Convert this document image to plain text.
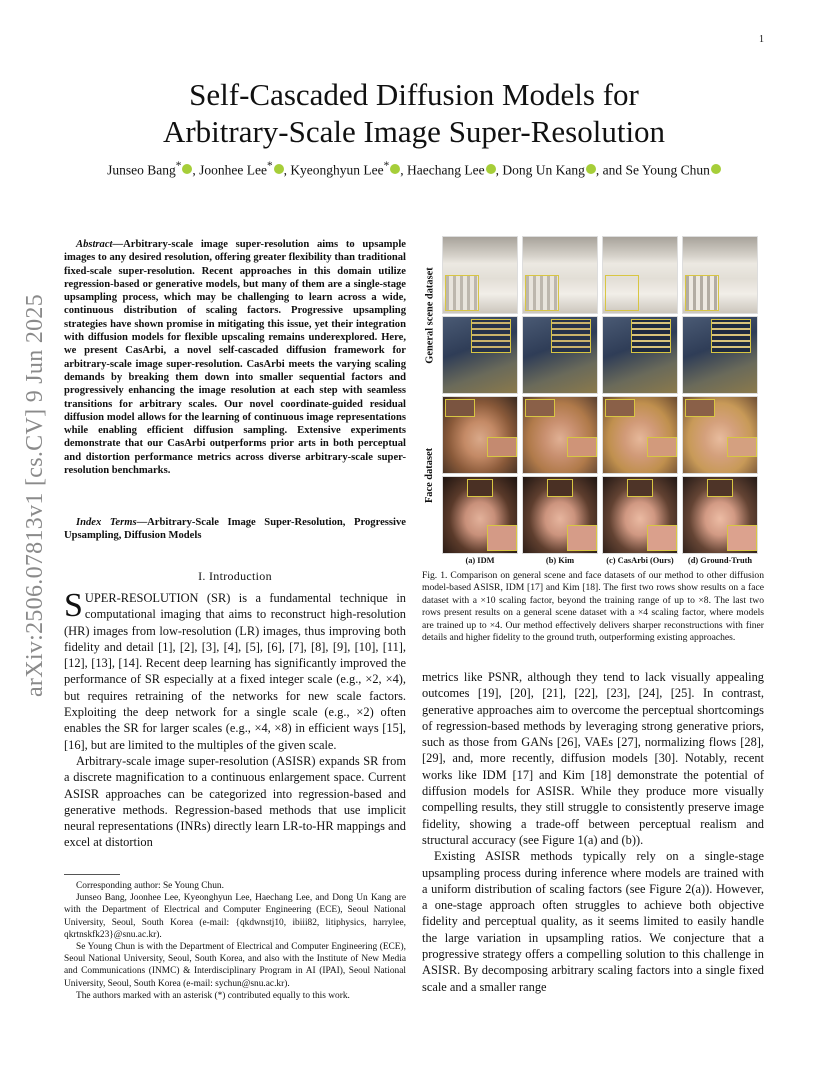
1
arXiv:2506.07813v1 [cs.CV] 9 Jun 2025
Self-Cascaded Diffusion Models for
Arbitrary-Scale Image Super-Resolution
Junseo Bang* , Joonhee Lee* , Kyeonghyun Lee* , Haechang Lee , Dong Un Kang , and Se Young Chun
Abstract—Arbitrary-scale image super-resolution aims to upsample images to any desired resolution, offering greater flexibility than traditional fixed-scale super-resolution. Recent approaches in this domain utilize regression-based or generative models, but many of them are a single-stage upsampling process, which may be challenging to learn across a wide, continuous distribution of scaling factors. Progressive upsampling strategies have shown promise in mitigating this issue, yet their integration with diffusion models for flexible upscaling remains underexplored. Here, we present CasArbi, a novel self-cascaded diffusion framework for arbitrary-scale image super-resolution. CasArbi meets the varying scaling demands by breaking them down into smaller sequential factors and progressively enhancing the image resolution at each step with seamless transitions for arbitrary scales. Our novel coordinate-guided residual diffusion model allows for the learning of continuous image representations while enabling efficient diffusion sampling. Extensive experiments demonstrate that our CasArbi outperforms prior arts in both perceptual and distortion performance metrics across diverse arbitrary-scale super-resolution benchmarks.
Index Terms—Arbitrary-Scale Image Super-Resolution, Progressive Upsampling, Diffusion Models
I. Introduction

SUPER-RESOLUTION (SR) is a fundamental technique in computational imaging that aims to reconstruct high-resolution (HR) images from low-resolution (LR) images, thus improving both fidelity and detail [1], [2], [3], [4], [5], [6], [7], [8], [9], [10], [11], [12], [13], [14]. Recent deep learning has significantly improved the performance of SR especially at a fixed integer scale (e.g., ×2, ×4), but requires retraining of the networks for new scale factors. Exploiting the deep network for a single scale (e.g., ×2) often enables the SR for larger scales (e.g., ×4, ×8) in efficient ways [15], [16], but are limited to the multiples of the given scale.

Arbitrary-scale image super-resolution (ASISR) expands SR from a discrete magnification to a continuous enlargement space. Current ASISR approaches can be categorized into regression-based and generative methods. Regression-based methods that use implicit neural representations (INRs) directly learn LR-to-HR mappings and excel at distortion

Corresponding author: Se Young Chun.

Junseo Bang, Joonhee Lee, Kyeonghyun Lee, Haechang Lee, and Dong Un Kang are with the Department of Electrical and Computer Engineering (ECE), Seoul National University, Seoul, South Korea (e-mail: {qkdwnstj10, ibiii82, litiphysics, harrylee, qkrtnskfk23}@snu.ac.kr).

Se Young Chun is with the Department of Electrical and Computer Engineering (ECE), Seoul National University, Seoul, South Korea, and also with the Institute of New Media and Communications (INMC) & Interdisciplinary Program in AI (IPAI), Seoul National University, Seoul, South Korea (e-mail: sychun@snu.ac.kr).

The authors marked with an asterisk (*) contributed equally to this work.

General scene dataset
Face dataset
(a) IDM	(b) Kim	(c) CasArbi (Ours)	(d) Ground-Truth
Fig. 1. Comparison on general scene and face datasets of our method to other diffusion model-based ASISR, IDM [17] and Kim [18]. The first two rows show results on a face dataset with a ×10 scaling factor, beyond the training range of up to ×8. The last two rows present results on a general scene dataset with a ×4 scaling factor, where models are trained up to ×4. Our method effectively delivers sharper reconstructions with finer details and higher fidelity to the ground truth, outperforming existing approaches.

metrics like PSNR, although they tend to lack visually appealing outcomes [19], [20], [21], [22], [23], [24], [25]. In contrast, generative approaches aim to overcome the perceptual shortcomings of regression-based methods by leveraging strong generative priors, such as those from GANs [26], VAEs [27], normalizing flows [28], [29], and, more recently, diffusion models [30]. Notably, recent works like IDM [17] and Kim [18] demonstrate the potential of diffusion models for ASISR. While they produce more visually compelling results, they still struggle to consistently preserve image fidelity, showing a trade-off between perceptual realism and structural accuracy (see Figure 1(a) and (b)).

Existing ASISR methods typically rely on a single-stage upsampling process during inference where models are trained with a uniform distribution of scaling factors (see Figure 2(a)). However, a one-stage approach often struggles to achieve both objective fidelity and perceptual quality, as it seems limited to easily handle the large variation in upsampling ratios. We conjecture that a progressive strategy offers a compelling solution to this challenge in ASISR. By decomposing arbitrary scaling factors into a single fixed scale and a smaller range
